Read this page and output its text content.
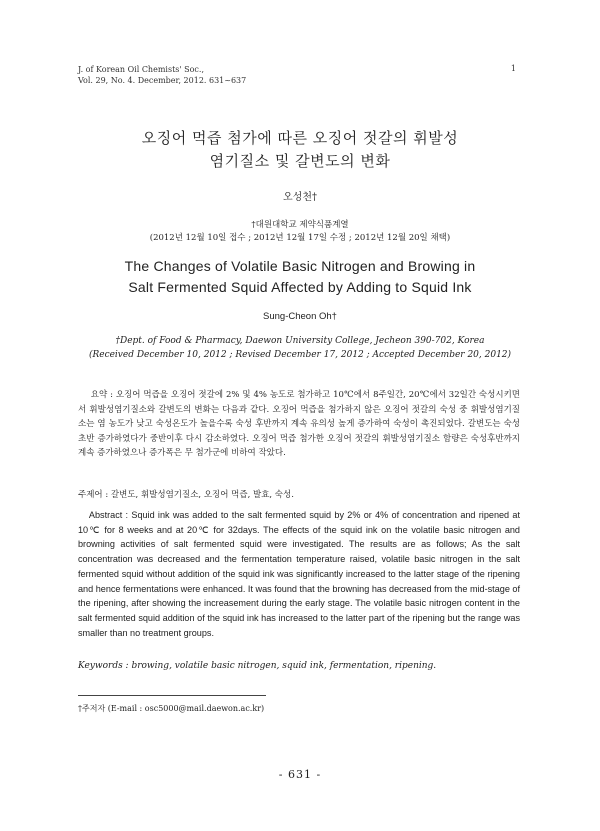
J. of Korean Oil Chemists' Soc.,
Vol. 29, No. 4. December, 2012. 631~637
1
오징어 먹즙 첨가에 따른 오징어 젓갈의 휘발성
염기질소 및 갈변도의 변화
오성천†
†대원대학교 제약식품계열
(2012년 12월 10일 접수 ; 2012년 12월 17일 수정 ; 2012년 12월 20일 채택)
The Changes of Volatile Basic Nitrogen and Browing in
Salt Fermented Squid Affected by Adding to Squid Ink
Sung-Cheon Oh†
†Dept. of Food & Pharmacy, Daewon University College, Jecheon 390-702, Korea
(Received December 10, 2012 ; Revised December 17, 2012 ; Accepted December 20, 2012)
요약 : 오징어 먹즙을 오징어 젓갈에 2% 및 4% 농도로 첨가하고 10℃에서 8주일간, 20℃에서 32일간 숙성시키면서 휘발성염기질소와 갈변도의 변화는 다음과 같다. 오징어 먹즙을 첨가하지 않은 오징어 젓갈의 숙성 중 휘발성염기질소는 염 농도가 낮고 숙성온도가 높을수록 숙성 후반까지 계속 유의성 높게 증가하여 숙성이 촉진되었다. 갈변도는 숙성초반 증가하였다가 중반이후 다시 감소하였다. 오징어 먹즙 첨가한 오징어 젓갈의 휘발성염기질소 함량은 숙성후반까지 계속 증가하였으나 증가폭은 무 첨가군에 비하여 작았다.
주제어 : 갈변도, 휘발성염기질소, 오징어 먹즙, 발효, 숙성.
Abstract : Squid ink was added to the salt fermented squid by 2% or 4% of concentration and ripened at 10℃ for 8 weeks and at 20℃ for 32days. The effects of the squid ink on the volatile basic nitrogen and browning activities of salt fermented squid were investigated. The results are as follows; As the salt concentration was decreased and the fermentation temperature raised, volatile basic nitrogen in the salt fermented squid without addition of the squid ink was significantly increased to the latter stage of the ripening and hence fermentations were enhanced. It was found that the browning has decreased from the mid-stage of the ripening, after showing the increasement during the early stage. The volatile basic nitrogen content in the salt fermented squid addition of the squid ink has increased to the latter part of the ripening but the range was smaller than no treatment groups.
Keywords : browing, volatile basic nitrogen, squid ink, fermentation, ripening.
†주저자 (E-mail : osc5000@mail.daewon.ac.kr)
- 631 -
